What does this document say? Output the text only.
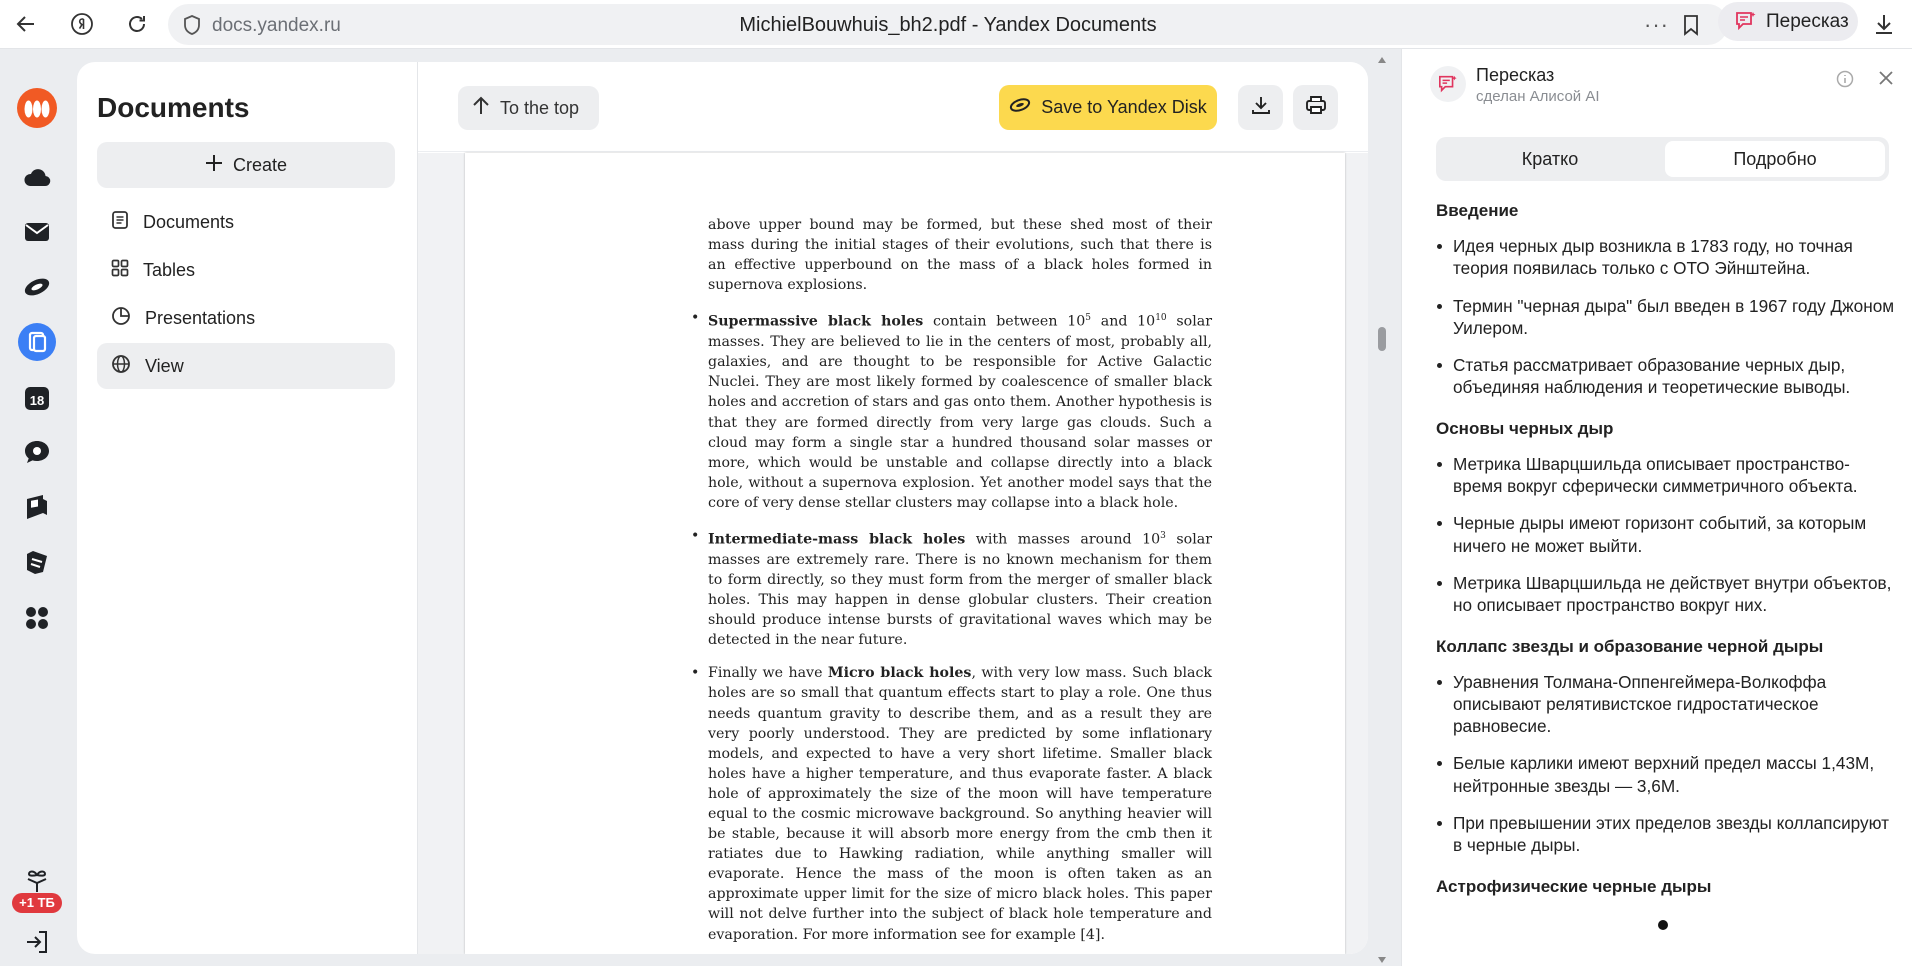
docs.yandex.ru	MichielBouwhuis_bh2.pdf - Yandex Documents	···	Пересказ
18
+1 ТБ
Documents
Create
Documents
Tables
Presentations
View
To the top	Save to Yandex Disk

above upper bound may be formed, but these shed most of their mass during the initial stages of their evolutions, such that there is an effective upperbound on the mass of a black holes formed in supernova explosions.

• Supermassive black holes contain between $10^5$ and $10^{10}$ solar masses. They are believed to lie in the centers of most, probably all, galaxies, and are thought to be responsible for Active Galactic Nuclei. They are most likely formed by coalescence of smaller black holes and accretion of stars and gas onto them. Another hypothesis is that they are formed directly from very large gas clouds. Such a cloud may form a single star a hundred thousand solar masses or more, which would be unstable and collapse directly into a black hole, without a supernova explosion. Yet another model says that the core of very dense stellar clusters may collapse into a black hole.
• Intermediate-mass black holes with masses around $10^3$ solar masses are extremely rare. There is no known mechanism for them to form directly, so they must form from the merger of smaller black holes. This may happen in dense globular clusters. Their creation should produce intense bursts of gravitational waves which may be detected in the near future.
• Finally we have Micro black holes, with very low mass. Such black holes are so small that quantum effects start to play a role. One thus needs quantum gravity to describe them, and as a result they are very poorly understood. They are predicted by some inflationary models, and expected to have a very short lifetime. Smaller black holes have a higher temperature, and thus evaporate faster. A black hole of approximately the size of the moon will have temperature equal to the cosmic microwave background. So anything heavier will be stable, because it will absorb more energy from the cmb then it ratiates due to Hawking radiation, while anything smaller will evaporate. Hence the mass of the moon is often taken as an approximate upper limit for the size of micro black holes. This paper will not delve further into the subject of black hole temperature and evaporation. For more information see for example [4].
Пересказ
сделан Алисой AI
Кратко	Подробно
Введение
Идея черных дыр возникла в 1783 году, но точная теория появилась только с ОТО Эйнштейна.
Термин "черная дыра" был введен в 1967 году Джоном Уилером.
Статья рассматривает образование черных дыр, объединяя наблюдения и теоретические выводы.
Основы черных дыр
Метрика Шварцшильда описывает пространство-время вокруг сферически симметричного объекта.
Черные дыры имеют горизонт событий, за которым ничего не может выйти.
Метрика Шварцшильда не действует внутри объектов, но описывает пространство вокруг них.
Коллапс звезды и образование черной дыры
Уравнения Толмана-Оппенгеймера-Волкоффа описывают релятивистское гидростатическое равновесие.
Белые карлики имеют верхний предел массы 1,43M, нейтронные звезды — 3,6M.
При превышении этих пределов звезды коллапсируют в черные дыры.
Астрофизические черные дыры
